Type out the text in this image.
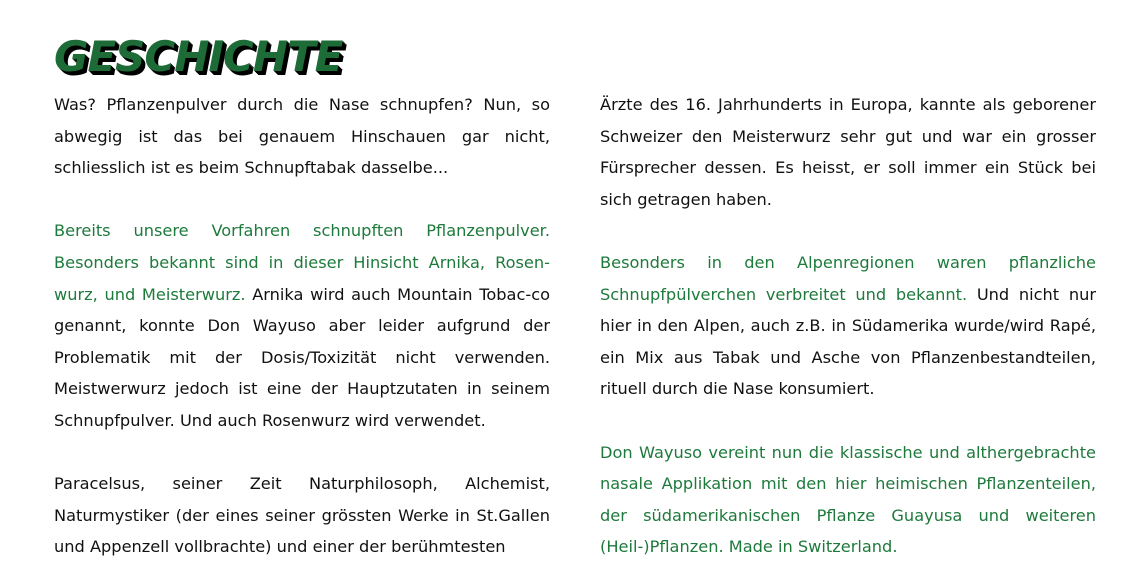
GESCHICHTE

Was? Pflanzenpulver durch die Nase schnupfen? Nun, so abwegig ist das bei genauem Hinschauen gar nicht, schliesslich ist es beim Schnupftabak dasselbe...

Bereits unsere Vorfahren schnupften Pflanzenpulver. Besonders bekannt sind in dieser Hinsicht Arnika, Rosen-wurz, und Meisterwurz. Arnika wird auch Mountain Tobac-co genannt, konnte Don Wayuso aber leider aufgrund der Problematik mit der Dosis/Toxizität nicht verwenden. Meistwerwurz jedoch ist eine der Hauptzutaten in seinem Schnupfpulver. Und auch Rosenwurz wird verwendet.

Paracelsus, seiner Zeit Naturphilosoph, Alchemist, Naturmystiker (der eines seiner grössten Werke in St.Gallen und Appenzell vollbrachte) und einer der berühmtesten

Ärzte des 16. Jahrhunderts in Europa, kannte als geborener Schweizer den Meisterwurz sehr gut und war ein grosser Fürsprecher dessen. Es heisst, er soll immer ein Stück bei sich getragen haben.

Besonders in den Alpenregionen waren pflanzliche Schnupfpülverchen verbreitet und bekannt. Und nicht nur hier in den Alpen, auch z.B. in Südamerika wurde/wird Rapé, ein Mix aus Tabak und Asche von Pflanzenbestandteilen, rituell durch die Nase konsumiert.

Don Wayuso vereint nun die klassische und althergebrachte nasale Applikation mit den hier heimischen Pflanzenteilen, der südamerikanischen Pflanze Guayusa und weiteren (Heil-)Pflanzen. Made in Switzerland.
